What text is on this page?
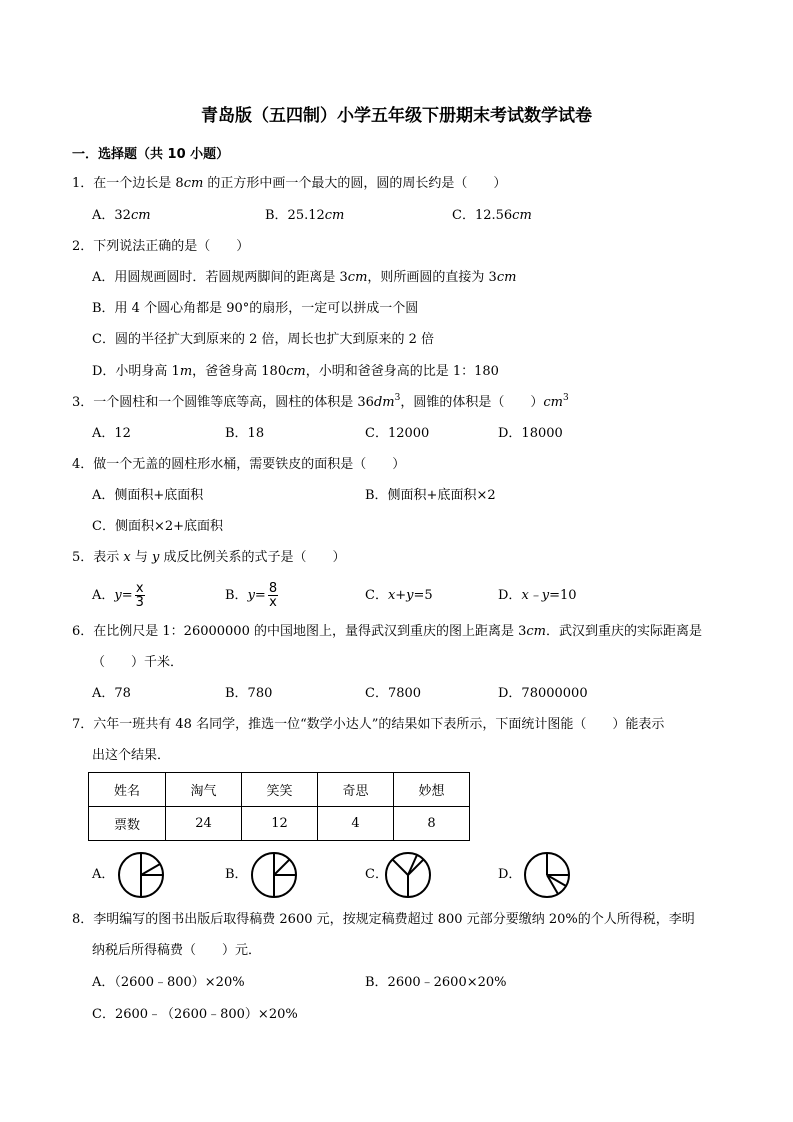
青岛版（五四制）小学五年级下册期末考试数学试卷
一．选择题（共 10 小题）
1．在一个边长是 8cm 的正方形中画一个最大的圆，圆的周长约是（　　）
A．32cm	B．25.12cm	C．12.56cm
2．下列说法正确的是（　　）
A．用圆规画圆时．若圆规两脚间的距离是 3cm，则所画圆的直接为 3cm
B．用 4 个圆心角都是 90°的扇形，一定可以拼成一个圆
C．圆的半径扩大到原来的 2 倍，周长也扩大到原来的 2 倍
D．小明身高 1m，爸爸身高 180cm，小明和爸爸身高的比是 1：180
3．一个圆柱和一个圆锥等底等高，圆柱的体积是 $36dm^3$，圆锥的体积是（　　）$cm^3$
A．12	B．18	C．12000	D．18000
4．做一个无盖的圆柱形水桶，需要铁皮的面积是（　　）
A．侧面积+底面积	B．侧面积+底面积×2
C．侧面积×2+底面积
5．表示 x 与 y 成反比例关系的式子是（　　）
A．$y= \frac{x}{3}$	B．$y= \frac{8}{x}$	C．x+y=5	D．x﹣y=10
6．在比例尺是 1：26000000 的中国地图上，量得武汉到重庆的图上距离是 3cm．武汉到重庆的实际距离是
（　　）千米．
A．78	B．780	C．7800	D．78000000
7．六年一班共有 48 名同学，推选一位“数学小达人”的结果如下表所示，下面统计图能（　　）能表示
出这个结果．
姓名	淘气	笑笑	奇思	妙想
票数	24	12	4	8
A．	B．	C．	D．
8．李明编写的图书出版后取得稿费 2600 元，按规定稿费超过 800 元部分要缴纳 20%的个人所得税，李明
纳税后所得稿费（　　）元．
A．（2600﹣800）×20%	B．2600﹣2600×20%
C．2600﹣（2600﹣800）×20%
